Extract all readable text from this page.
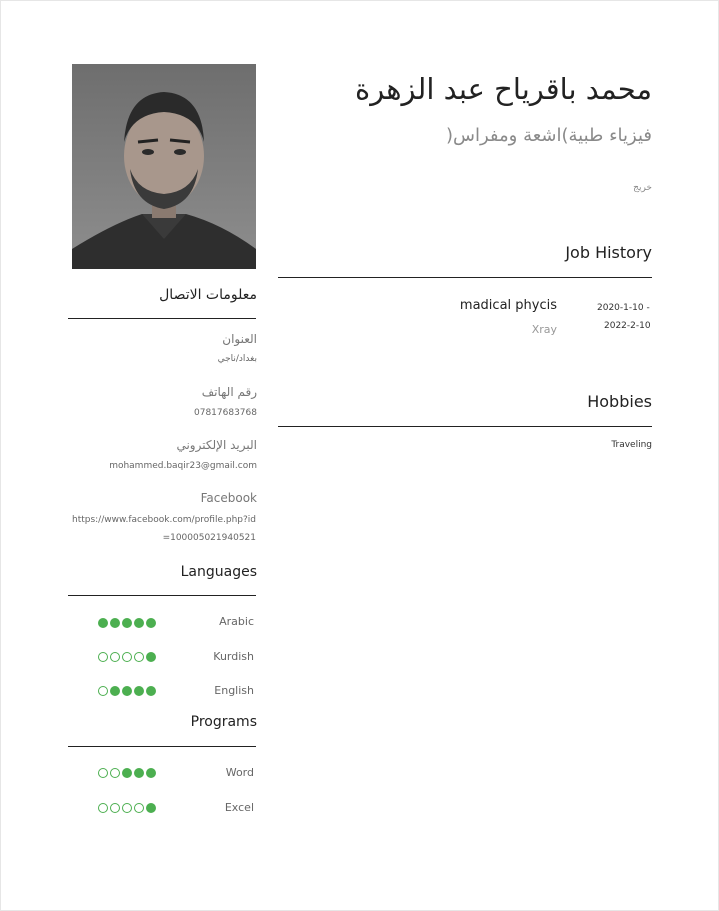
محمد باقرياح عبد الزهرة
فيزياء طبية)اشعة ومفراس(
خريج
Job History
madical phycis
Xray
2020-1-10 -
2022-2-10
Hobbies
Traveling
معلومات الاتصال
العنوان
بغداد/ناجي
رقم الهاتف
07817683768
البريد الإلكتروني
mohammed.baqir23@gmail.com
Facebook
https://www.facebook.com/profile.php?id=100005021940521
Languages
Arabic
Kurdish
English
Programs
Word
Excel
